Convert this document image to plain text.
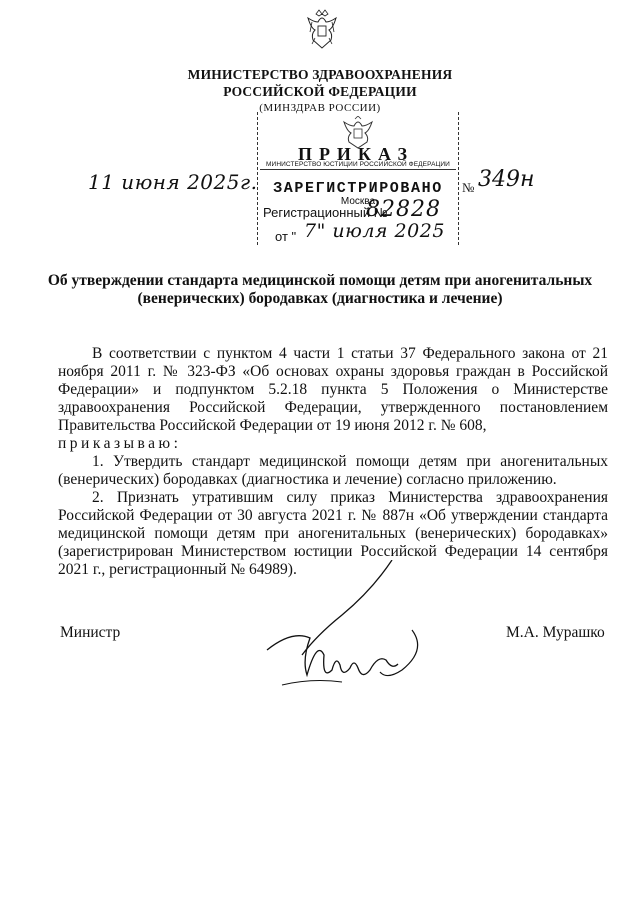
МИНИСТЕРСТВО ЗДРАВООХРАНЕНИЯ
РОССИЙСКОЙ ФЕДЕРАЦИИ
(МИНЗДРАВ РОССИИ)
ПРИКАЗ
МИНИСТЕРСТВО ЮСТИЦИИ РОССИЙСКОЙ ФЕДЕРАЦИИ
ЗАРЕГИСТРИРОВАНО
Москва
Регистрационный №
82828
от " 7" июля 2025
11 июня 2025г.	№ 349н
Об утверждении стандарта медицинской помощи детям при аногенитальных
(венерических) бородавках (диагностика и лечение)

В соответствии с пунктом 4 части 1 статьи 37 Федерального закона от 21 ноября 2011 г. № 323-ФЗ «Об основах охраны здоровья граждан в Российской Федерации» и подпунктом 5.2.18 пункта 5 Положения о Министерстве здравоохранения Российской Федерации, утвержденного постановлением Правительства Российской Федерации от 19 июня 2012 г. № 608,

приказываю:

1. Утвердить стандарт медицинской помощи детям при аногенитальных (венерических) бородавках (диагностика и лечение) согласно приложению.

2. Признать утратившим силу приказ Министерства здравоохранения Российской Федерации от 30 августа 2021 г. № 887н «Об утверждении стандарта медицинской помощи детям при аногенитальных (венерических) бородавках» (зарегистрирован Министерством юстиции Российской Федерации 14 сентября 2021 г., регистрационный № 64989).

Министр	М.А. Мурашко
